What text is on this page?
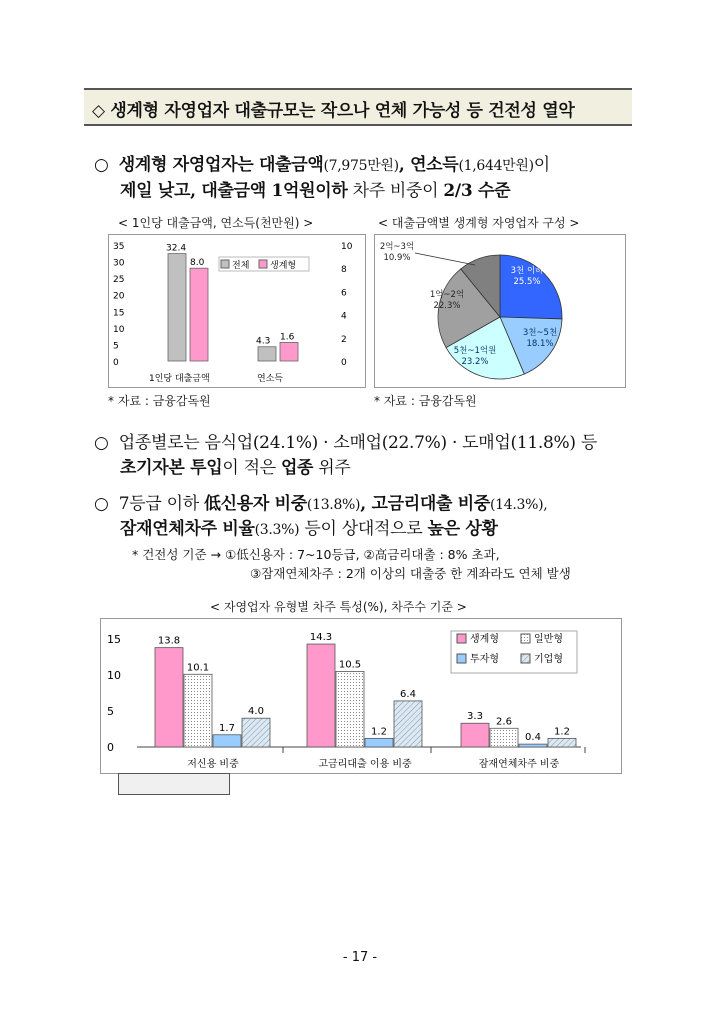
◇ 생계형 자영업자 대출규모는 작으나 연체 가능성 등 건전성 열악
○ 생계형 자영업자는 대출금액(7,975만원), 연소득(1,644만원)이
제일 낮고, 대출금액 1억원이하 차주 비중이 2/3 수준
< 1인당 대출금액, 연소득(천만원) >	< 대출금액별 생계형 자영업자 구성 >
0
5
10
15
20
25
30
35
0
2
4
6
8
10
32.4
8.0
1인당 대출금액
4.3 1.6
연소득
전체 생계형	3천 이하
25.5%
3천~5천
18.1%
5천~1억원
23.2%
1억~2억
22.3%
2억~3억
10.9%
* 자료 : 금융감독원	* 자료 : 금융감독원
○ 업종별로는 음식업(24.1%) · 소매업(22.7%) · 도매업(11.8%) 등
초기자본 투입이 적은 업종 위주
○ 7등급 이하 低신용자 비중(13.8%), 고금리대출 비중(14.3%),
잠재연체차주 비율(3.3%) 등이 상대적으로 높은 상황
* 건전성 기준 → ①低신용자 : 7~10등급, ②高금리대출 : 8% 초과,
③잠재연체차주 : 2개 이상의 대출중 한 계좌라도 연체 발생
< 자영업자 유형별 차주 특성(%), 차주수 기준 >
0
5
10
15	13.8
10.1
1.7
4.0
저신용 비중
14.3
10.5
1.2
6.4
고금리대출 이용 비중
3.3 2.6
0.4
1.2
잠재연체차주 비중
생계형	일반형
투자형	기업형
- 17 -
